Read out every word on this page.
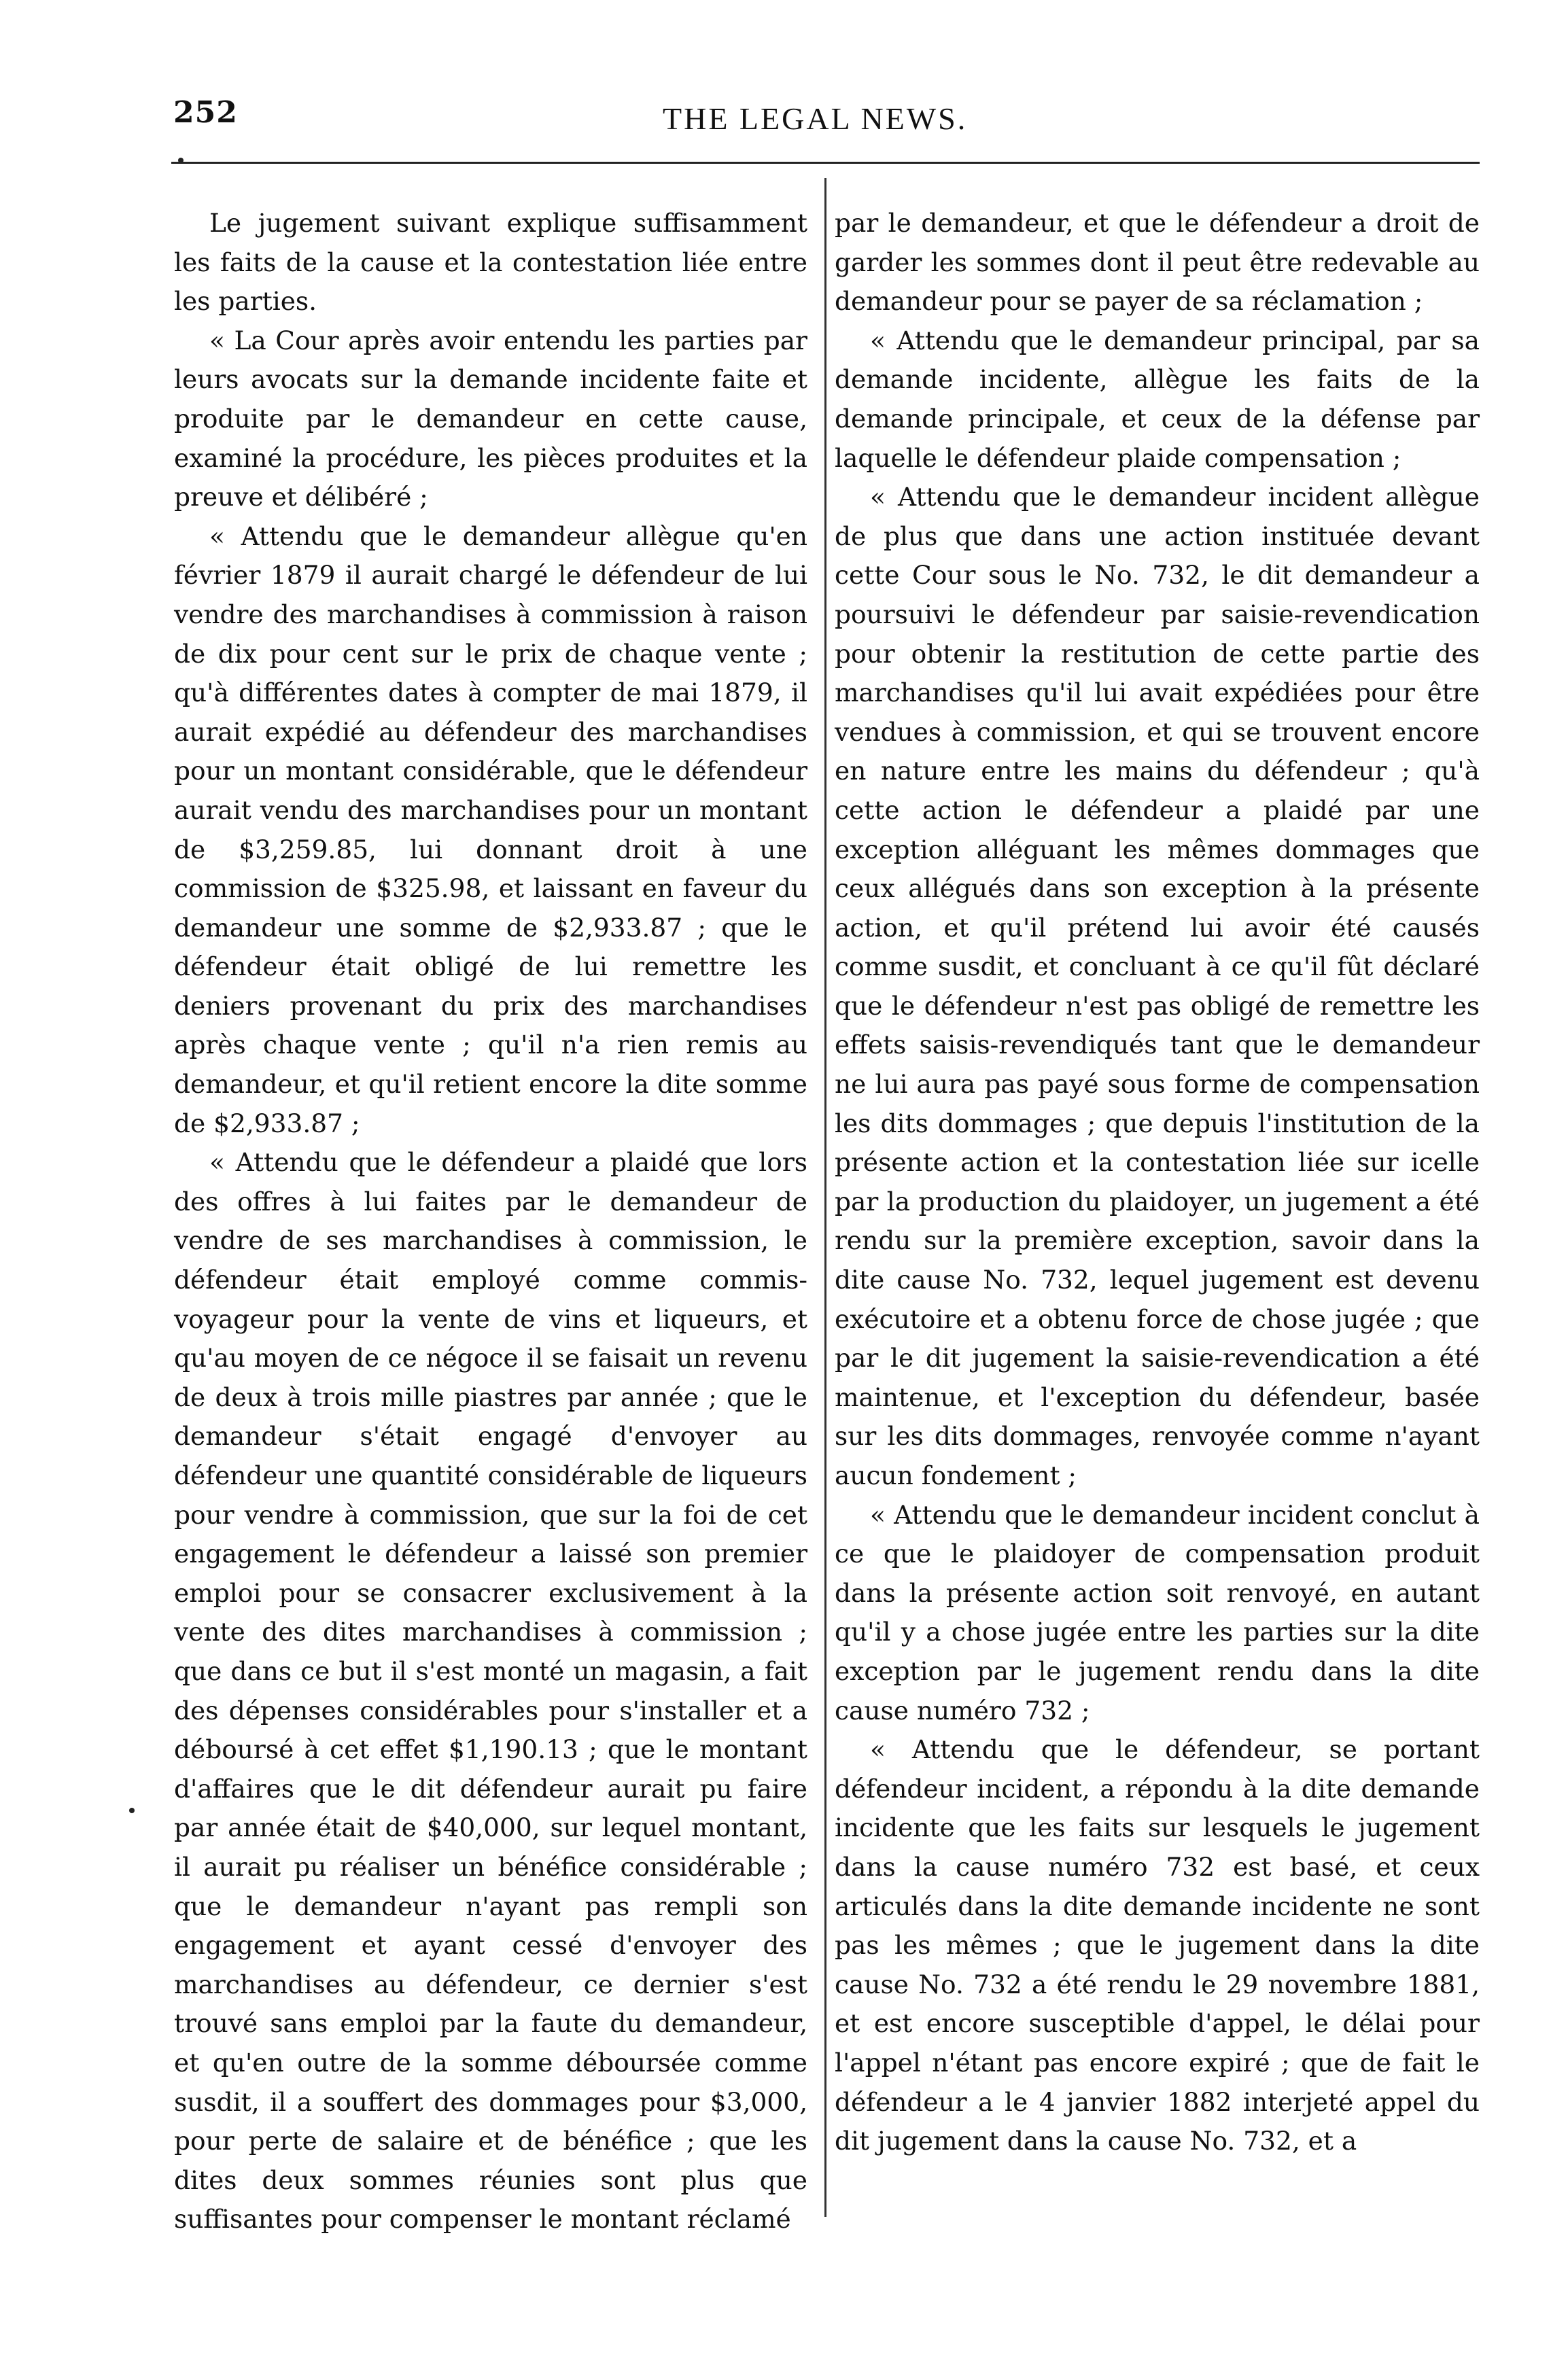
252	THE LEGAL NEWS.

Le jugement suivant explique suffisamment les faits de la cause et la contestation liée entre les parties.

« La Cour après avoir entendu les parties par leurs avocats sur la demande incidente faite et produite par le demandeur en cette cause, examiné la procédure, les pièces produites et la preuve et délibéré ;

« Attendu que le demandeur allègue qu'en février 1879 il aurait chargé le défendeur de lui vendre des marchandises à commission à raison de dix pour cent sur le prix de chaque vente ; qu'à différentes dates à compter de mai 1879, il aurait expédié au défendeur des marchandises pour un montant considérable, que le défendeur aurait vendu des marchandises pour un montant de $3,259.85, lui donnant droit à une commission de $325.98, et laissant en faveur du demandeur une somme de $2,933.87 ; que le défendeur était obligé de lui remettre les deniers provenant du prix des marchandises après chaque vente ; qu'il n'a rien remis au demandeur, et qu'il retient encore la dite somme de $2,933.87 ;

« Attendu que le défendeur a plaidé que lors des offres à lui faites par le demandeur de vendre de ses marchandises à commission, le défendeur était employé comme commis-voyageur pour la vente de vins et liqueurs, et qu'au moyen de ce négoce il se faisait un revenu de deux à trois mille piastres par année ; que le demandeur s'était engagé d'envoyer au défendeur une quantité considérable de liqueurs pour vendre à commission, que sur la foi de cet engagement le défendeur a laissé son premier emploi pour se consacrer exclusivement à la vente des dites marchandises à commission ; que dans ce but il s'est monté un magasin, a fait des dépenses considérables pour s'installer et a déboursé à cet effet $1,190.13 ; que le montant d'affaires que le dit défendeur aurait pu faire par année était de $40,000, sur lequel montant, il aurait pu réaliser un bénéfice considérable ; que le demandeur n'ayant pas rempli son engagement et ayant cessé d'envoyer des marchandises au défendeur, ce dernier s'est trouvé sans emploi par la faute du demandeur, et qu'en outre de la somme déboursée comme susdit, il a souffert des dommages pour $3,000, pour perte de salaire et de bénéfice ; que les dites deux sommes réunies sont plus que suffisantes pour compenser le montant réclamé

par le demandeur, et que le défendeur a droit de garder les sommes dont il peut être redevable au demandeur pour se payer de sa réclamation ;

« Attendu que le demandeur principal, par sa demande incidente, allègue les faits de la demande principale, et ceux de la défense par laquelle le défendeur plaide compensation ;

« Attendu que le demandeur incident allègue de plus que dans une action instituée devant cette Cour sous le No. 732, le dit demandeur a poursuivi le défendeur par saisie-revendication pour obtenir la restitution de cette partie des marchandises qu'il lui avait expédiées pour être vendues à commission, et qui se trouvent encore en nature entre les mains du défendeur ; qu'à cette action le défendeur a plaidé par une exception alléguant les mêmes dommages que ceux allégués dans son exception à la présente action, et qu'il prétend lui avoir été causés comme susdit, et concluant à ce qu'il fût déclaré que le défendeur n'est pas obligé de remettre les effets saisis-revendiqués tant que le demandeur ne lui aura pas payé sous forme de compensation les dits dommages ; que depuis l'institution de la présente action et la contestation liée sur icelle par la production du plaidoyer, un jugement a été rendu sur la première exception, savoir dans la dite cause No. 732, lequel jugement est devenu exécutoire et a obtenu force de chose jugée ; que par le dit jugement la saisie-revendication a été maintenue, et l'exception du défendeur, basée sur les dits dommages, renvoyée comme n'ayant aucun fondement ;

« Attendu que le demandeur incident conclut à ce que le plaidoyer de compensation produit dans la présente action soit renvoyé, en autant qu'il y a chose jugée entre les parties sur la dite exception par le jugement rendu dans la dite cause numéro 732 ;

« Attendu que le défendeur, se portant défendeur incident, a répondu à la dite demande incidente que les faits sur lesquels le jugement dans la cause numéro 732 est basé, et ceux articulés dans la dite demande incidente ne sont pas les mêmes ; que le jugement dans la dite cause No. 732 a été rendu le 29 novembre 1881, et est encore susceptible d'appel, le délai pour l'appel n'étant pas encore expiré ; que de fait le défendeur a le 4 janvier 1882 interjeté appel du dit jugement dans la cause No. 732, et a
